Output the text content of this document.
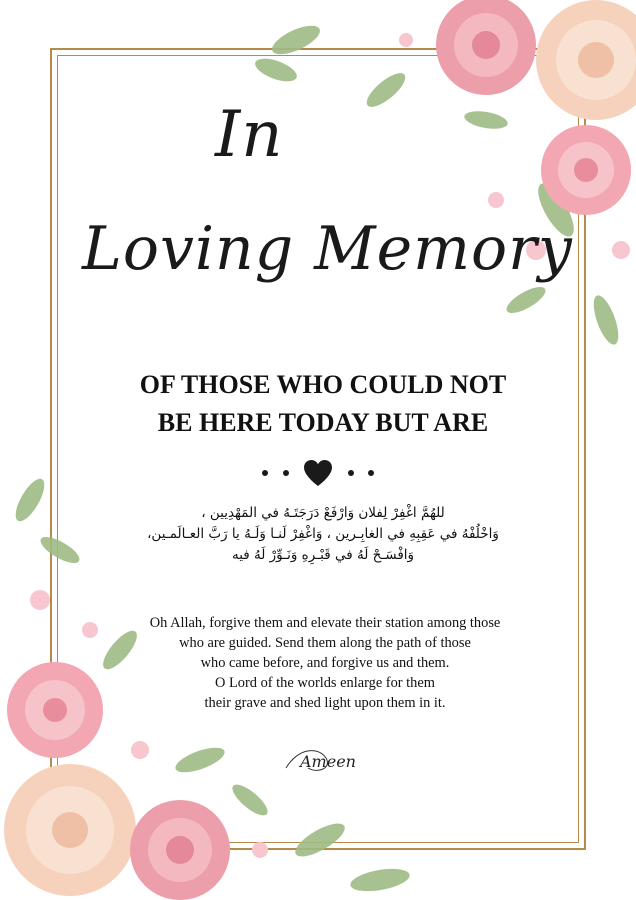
In
Loving Memory
OF THOSE WHO COULD NOT
BE HERE TODAY BUT ARE
للهُمَّ اغْفِرْ لِفلان وَارْفَعْ دَرَجَتَـهُ في المَهْدِيين ،
وَاخْلُفْهُ في عَقِبِهِ في الغابِـرين ، وَاغْفِرْ لَنـا وَلَـهُ يا رَبَّ العـالَمـين،
وَافْسَـحْ لَهُ في قَبْـرِهِ وَنَـوِّرْ لَهُ فيه
Oh Allah, forgive them and elevate their station among those
who are guided. Send them along the path of those
who came before, and forgive us and them.
O Lord of the worlds enlarge for them
their grave and shed light upon them in it.
Ameen
